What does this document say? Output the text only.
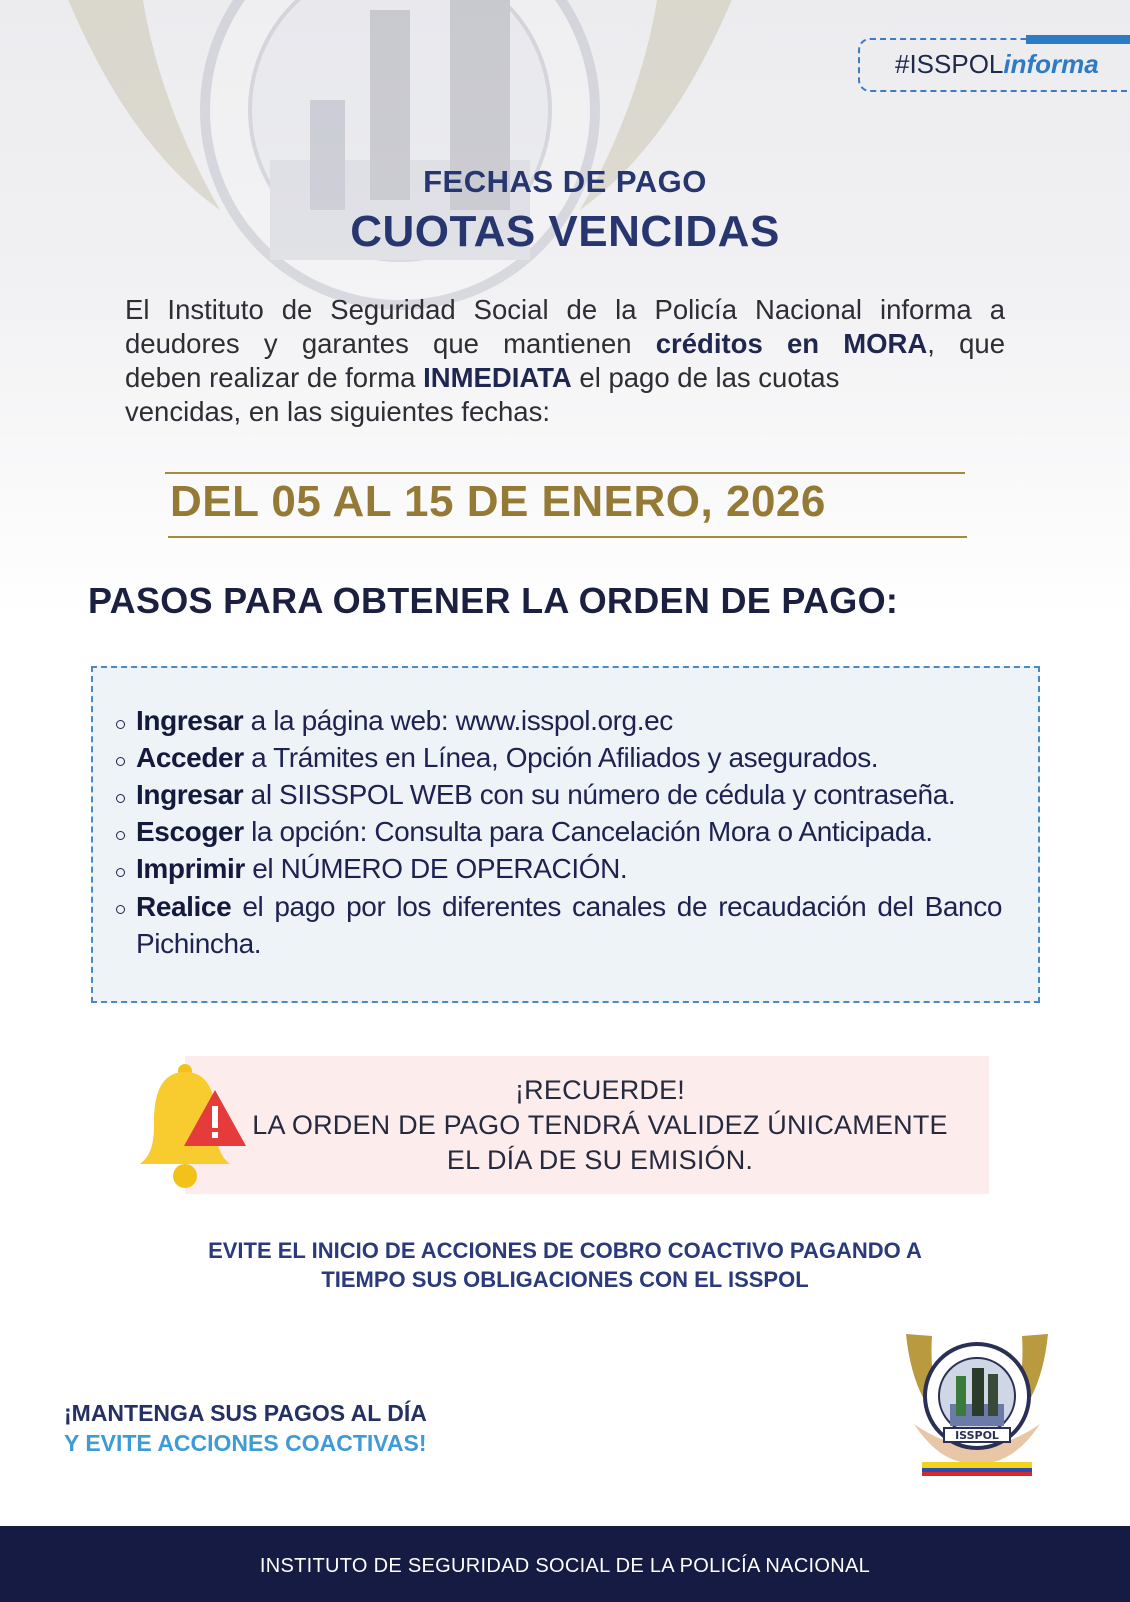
#ISSPOLinforma
FECHAS DE PAGO
CUOTAS VENCIDAS
El Instituto de Seguridad Social de la Policía Nacional informa a
deudores y garantes que mantienen créditos en MORA, que
deben realizar de forma INMEDIATA el pago de las cuotas
vencidas, en las siguientes fechas:
DEL 05 AL 15 DE ENERO, 2026
PASOS PARA OBTENER LA ORDEN DE PAGO:
Ingresar a la página web: www.isspol.org.ec
Acceder a Trámites en Línea, Opción Afiliados y asegurados.
Ingresar al SIISSPOL WEB con su número de cédula y contraseña.
Escoger la opción: Consulta para Cancelación Mora o Anticipada.
Imprimir el NÚMERO DE OPERACIÓN.
Realice el pago por los diferentes canales de recaudación del Banco Pichincha.
¡RECUERDE!
LA ORDEN DE PAGO TENDRÁ VALIDEZ ÚNICAMENTE
EL DÍA DE SU EMISIÓN.
EVITE EL INICIO DE ACCIONES DE COBRO COACTIVO PAGANDO A
TIEMPO SUS OBLIGACIONES CON EL ISSPOL
¡MANTENGA SUS PAGOS AL DÍA
Y EVITE ACCIONES COACTIVAS!	ISSPOL
INSTITUTO DE SEGURIDAD SOCIAL DE LA POLICÍA NACIONAL
